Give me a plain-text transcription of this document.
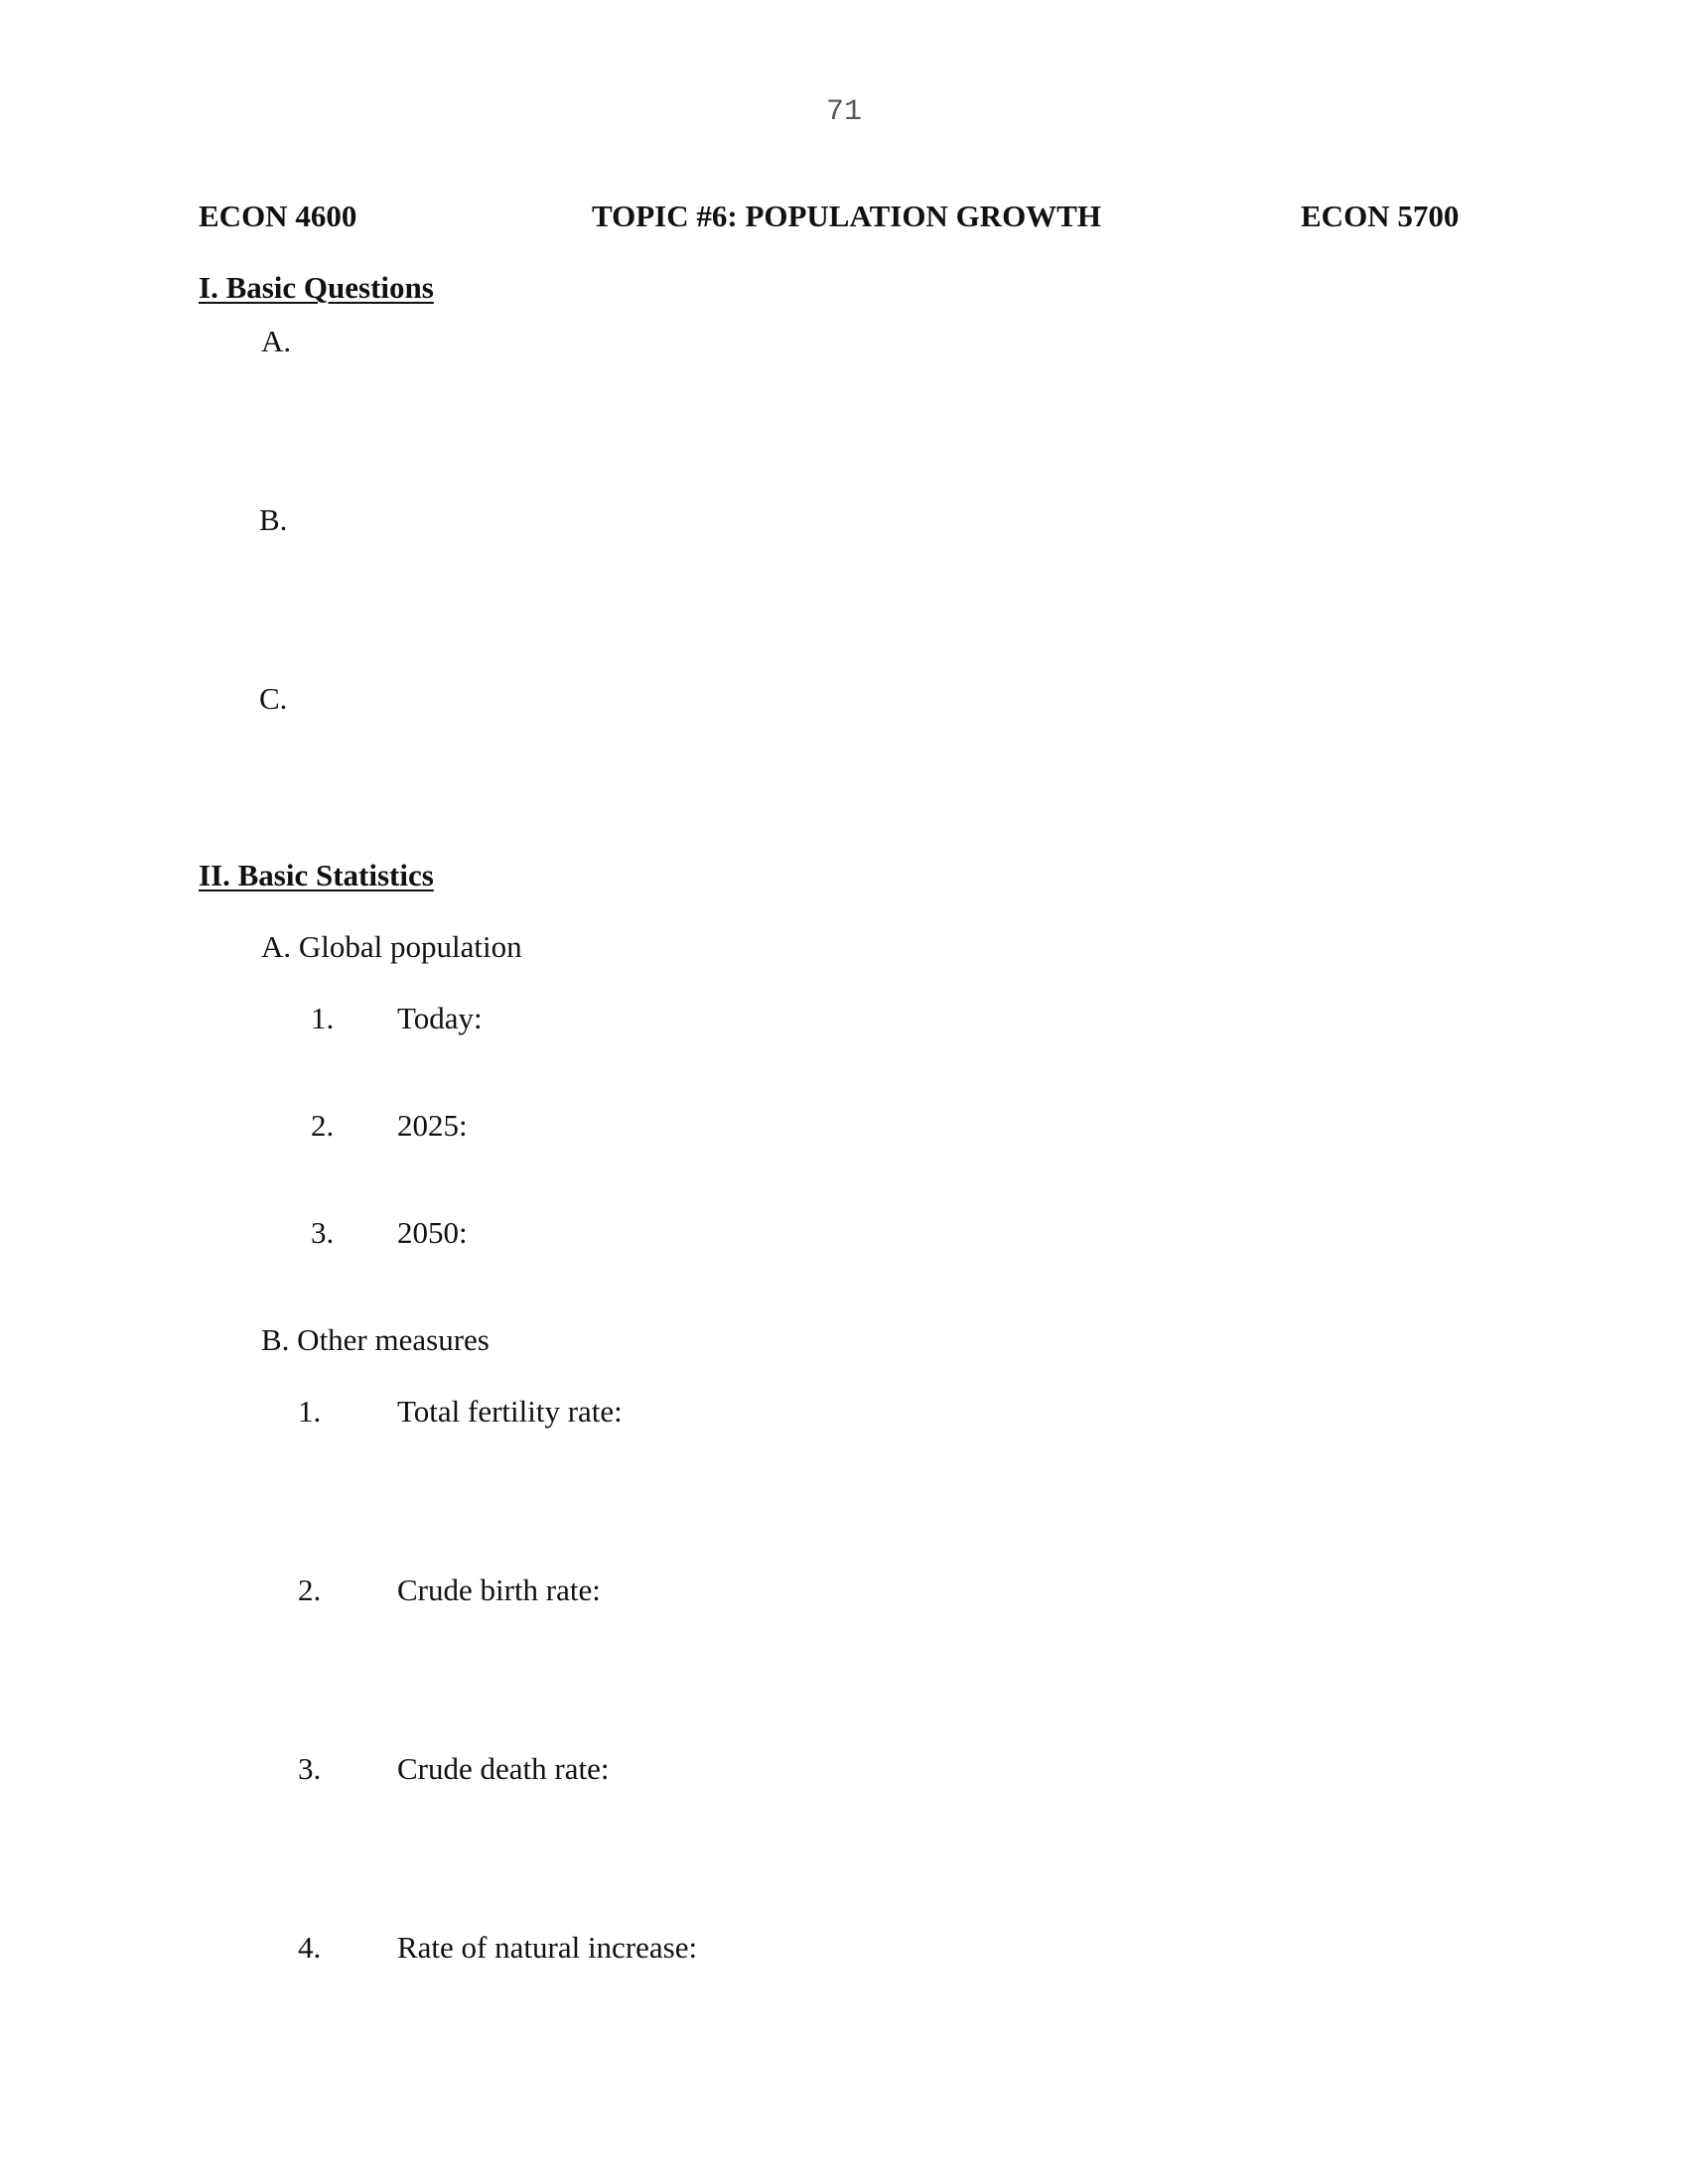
71
ECON 4600	TOPIC #6: POPULATION GROWTH	ECON 5700
I. Basic Questions
A.
B.
C.
II. Basic Statistics
A. Global population
1. Today:
2. 2025:
3. 2050:
B. Other measures
1. Total fertility rate:
2. Crude birth rate:
3. Crude death rate:
4. Rate of natural increase:
